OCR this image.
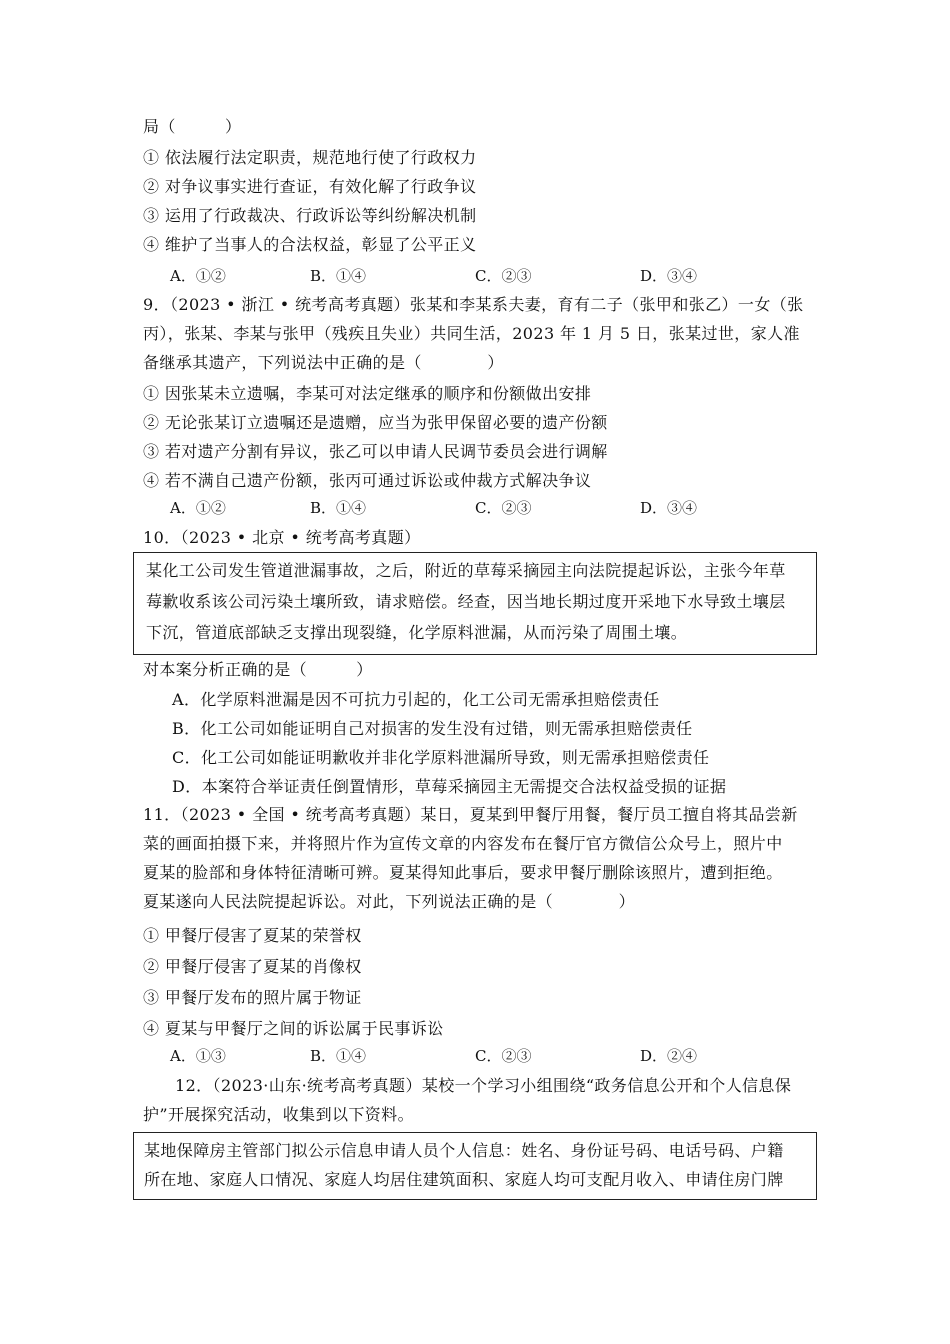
局（　　　）
① 依法履行法定职责，规范地行使了行政权力
② 对争议事实进行查证，有效化解了行政争议
③ 运用了行政裁决、行政诉讼等纠纷解决机制
④ 维护了当事人的合法权益，彰显了公平正义
A．①②	B．①④	C．②③	D．③④
9．（2023 • 浙江 • 统考高考真题）张某和李某系夫妻，育有二子（张甲和张乙）一女（张
丙），张某、李某与张甲（残疾且失业）共同生活，2023 年 1 月 5 日，张某过世，家人准
备继承其遗产，下列说法中正确的是（　　　　）
① 因张某未立遗嘱，李某可对法定继承的顺序和份额做出安排
② 无论张某订立遗嘱还是遗赠，应当为张甲保留必要的遗产份额
③ 若对遗产分割有异议，张乙可以申请人民调节委员会进行调解
④ 若不满自己遗产份额，张丙可通过诉讼或仲裁方式解决争议
A．①②	B．①④	C．②③	D．③④
10．（2023 • 北京 • 统考高考真题）
某化工公司发生管道泄漏事故，之后，附近的草莓采摘园主向法院提起诉讼，主张今年草
莓歉收系该公司污染土壤所致，请求赔偿。经查，因当地长期过度开采地下水导致土壤层
下沉，管道底部缺乏支撑出现裂缝，化学原料泄漏，从而污染了周围土壤。
对本案分析正确的是（　　　）
A．化学原料泄漏是因不可抗力引起的，化工公司无需承担赔偿责任
B．化工公司如能证明自己对损害的发生没有过错，则无需承担赔偿责任
C．化工公司如能证明歉收并非化学原料泄漏所导致，则无需承担赔偿责任
D．本案符合举证责任倒置情形，草莓采摘园主无需提交合法权益受损的证据
11．（2023 • 全国 • 统考高考真题）某日，夏某到甲餐厅用餐，餐厅员工擅自将其品尝新
菜的画面拍摄下来，并将照片作为宣传文章的内容发布在餐厅官方微信公众号上，照片中
夏某的脸部和身体特征清晰可辨。夏某得知此事后，要求甲餐厅删除该照片，遭到拒绝。
夏某遂向人民法院提起诉讼。对此，下列说法正确的是（　　　　）
① 甲餐厅侵害了夏某的荣誉权
② 甲餐厅侵害了夏某的肖像权
③ 甲餐厅发布的照片属于物证
④ 夏某与甲餐厅之间的诉讼属于民事诉讼
A．①③	B．①④	C．②③	D．②④
12．（2023·山东·统考高考真题）某校一个学习小组围绕“政务信息公开和个人信息保
护”开展探究活动，收集到以下资料。
某地保障房主管部门拟公示信息申请人员个人信息：姓名、身份证号码、电话号码、户籍
所在地、家庭人口情况、家庭人均居住建筑面积、家庭人均可支配月收入、申请住房门牌
